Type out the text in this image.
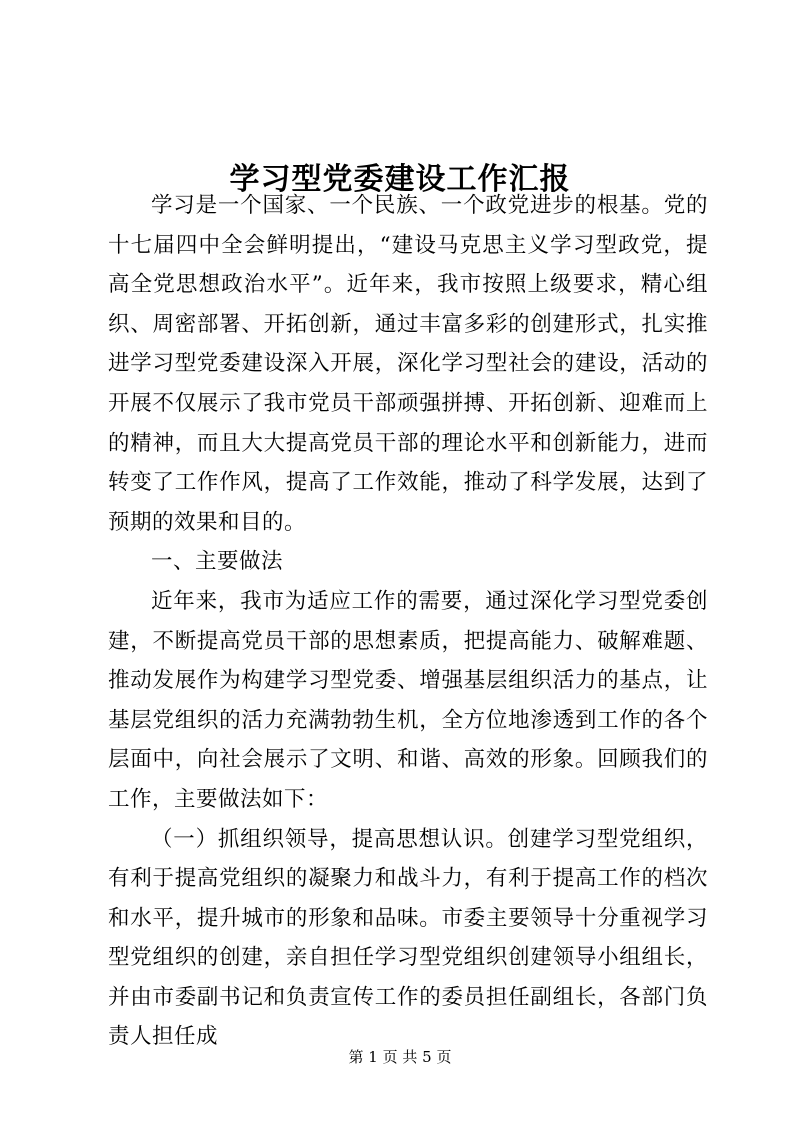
学习型党委建设工作汇报

学习是一个国家、一个民族、一个政党进步的根基。党的十七届四中全会鲜明提出，“建设马克思主义学习型政党，提高全党思想政治水平”。近年来，我市按照上级要求，精心组织、周密部署、开拓创新，通过丰富多彩的创建形式，扎实推进学习型党委建设深入开展，深化学习型社会的建设，活动的开展不仅展示了我市党员干部顽强拼搏、开拓创新、迎难而上的精神，而且大大提高党员干部的理论水平和创新能力，进而转变了工作作风，提高了工作效能，推动了科学发展，达到了预期的效果和目的。

一、主要做法

近年来，我市为适应工作的需要，通过深化学习型党委创建，不断提高党员干部的思想素质，把提高能力、破解难题、推动发展作为构建学习型党委、增强基层组织活力的基点，让基层党组织的活力充满勃勃生机，全方位地渗透到工作的各个层面中，向社会展示了文明、和谐、高效的形象。回顾我们的工作，主要做法如下：

（一）抓组织领导，提高思想认识。创建学习型党组织，有利于提高党组织的凝聚力和战斗力，有利于提高工作的档次和水平，提升城市的形象和品味。市委主要领导十分重视学习型党组织的创建，亲自担任学习型党组织创建领导小组组长，并由市委副书记和负责宣传工作的委员担任副组长，各部门负责人担任成

第 1 页 共 5 页
